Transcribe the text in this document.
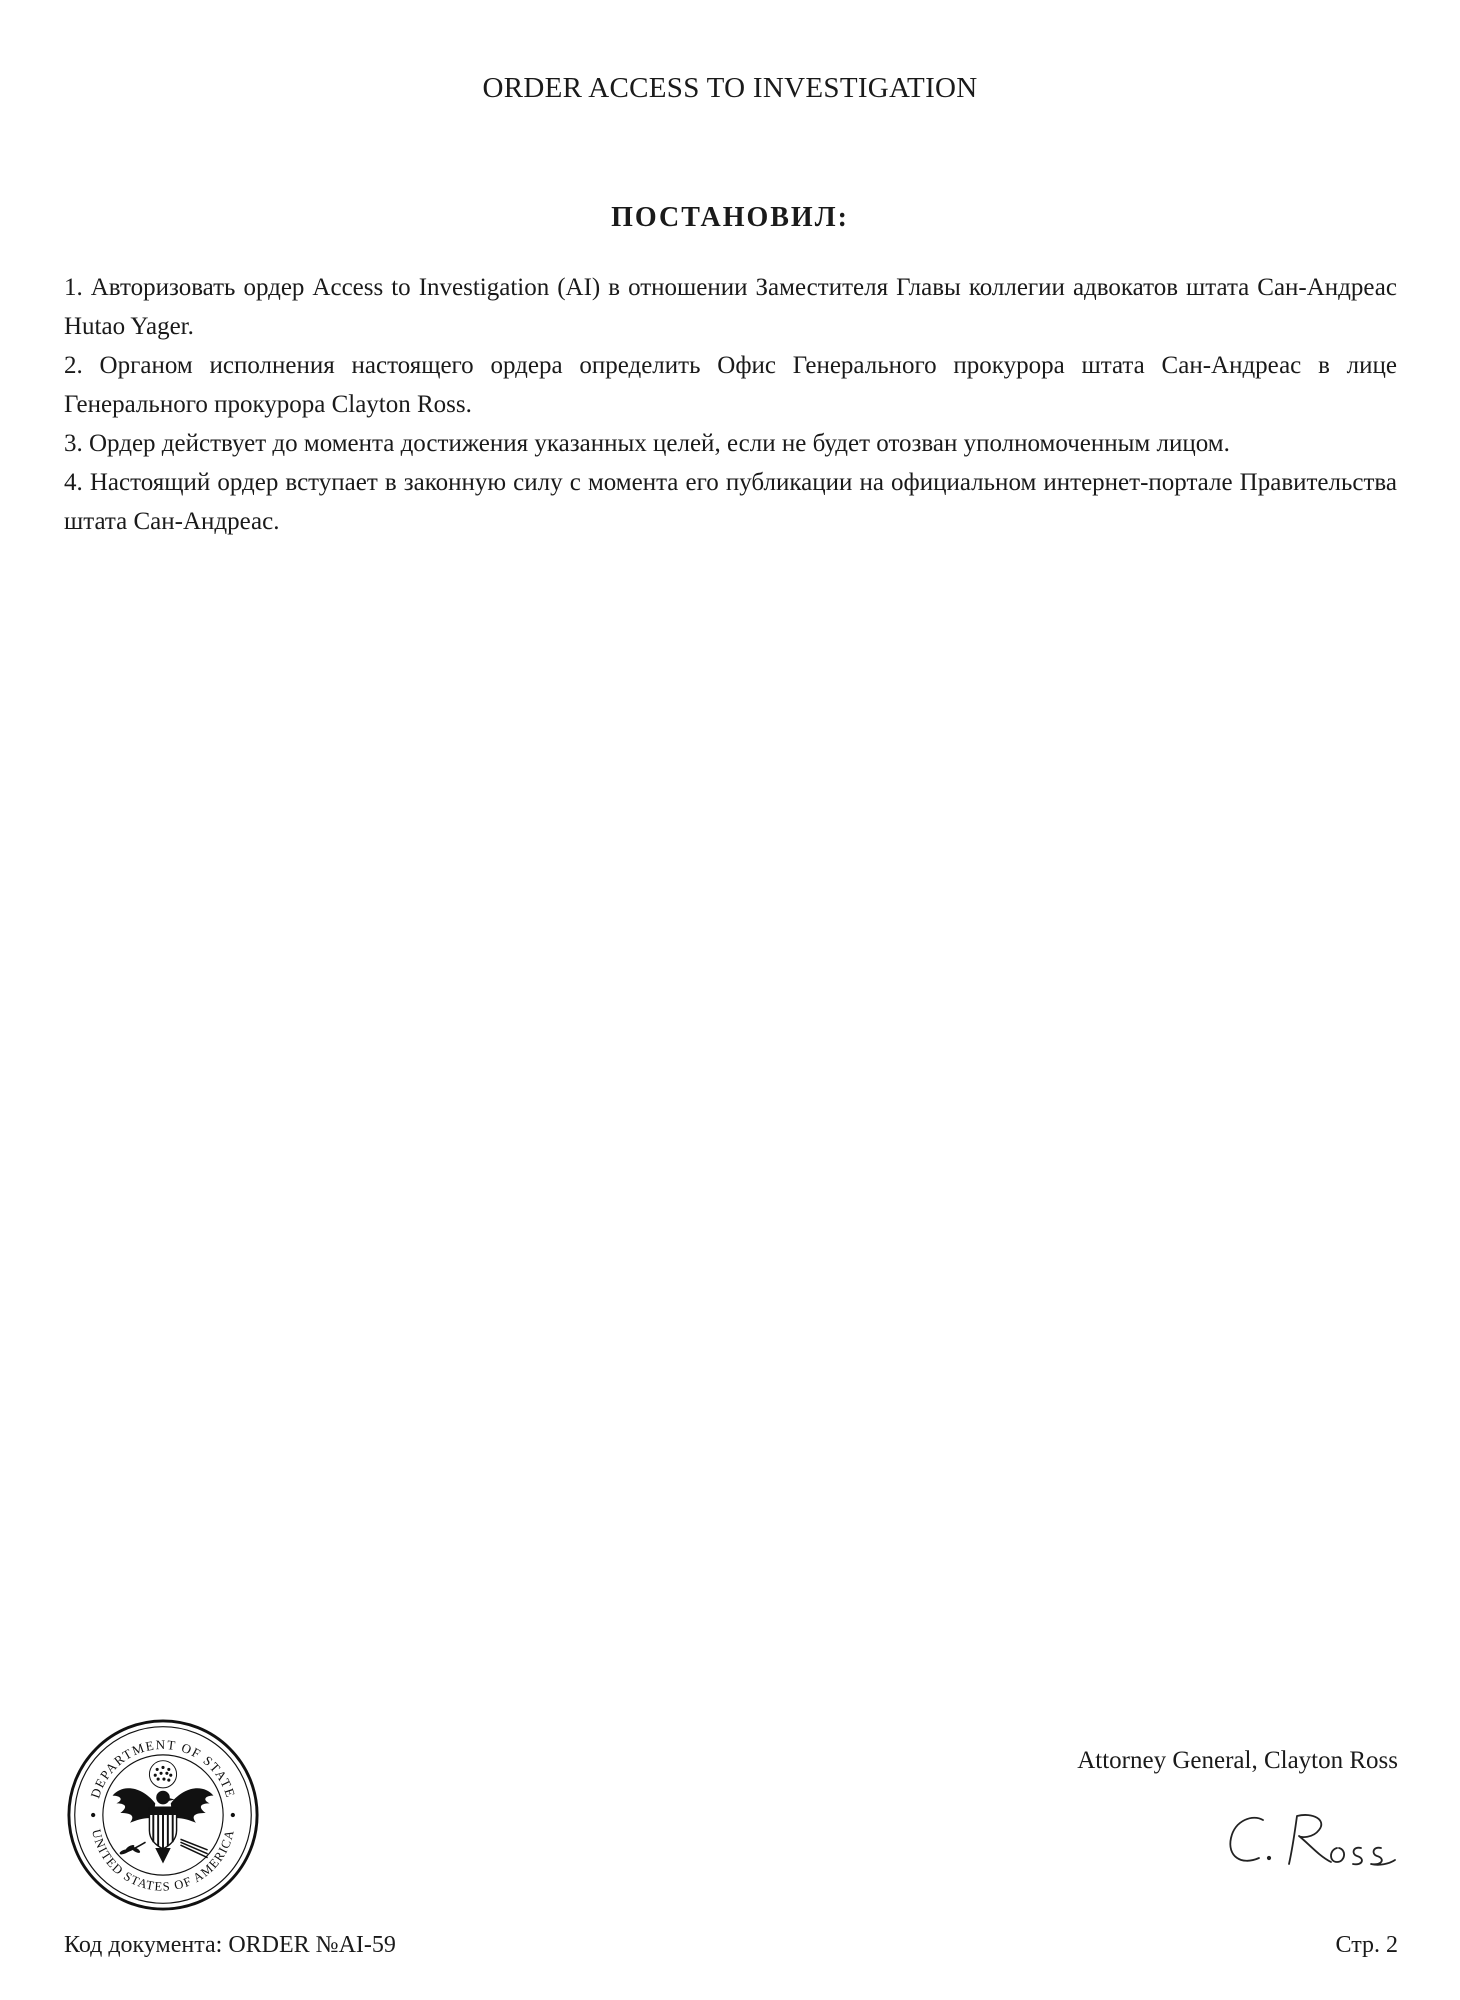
ORDER ACCESS TO INVESTIGATION
ПОСТАНОВИЛ:

1. Авторизовать ордер Access to Investigation (AI) в отношении Заместителя Главы коллегии адвокатов штата Сан-Андреас Hutao Yager.

2. Органом исполнения настоящего ордера определить Офис Генерального прокурора штата Сан-Андреас в лице Генерального прокурора Clayton Ross.

3. Ордер действует до момента достижения указанных целей, если не будет отозван уполномоченным лицом.

4. Настоящий ордер вступает в законную силу с момента его публикации на официальном интернет-портале Правительства штата Сан-Андреас.

DEPARTMENT OF STATE
UNITED STATES OF AMERICA
Attorney General, Clayton Ross
Код документа: ORDER №AI-59	Стр. 2
